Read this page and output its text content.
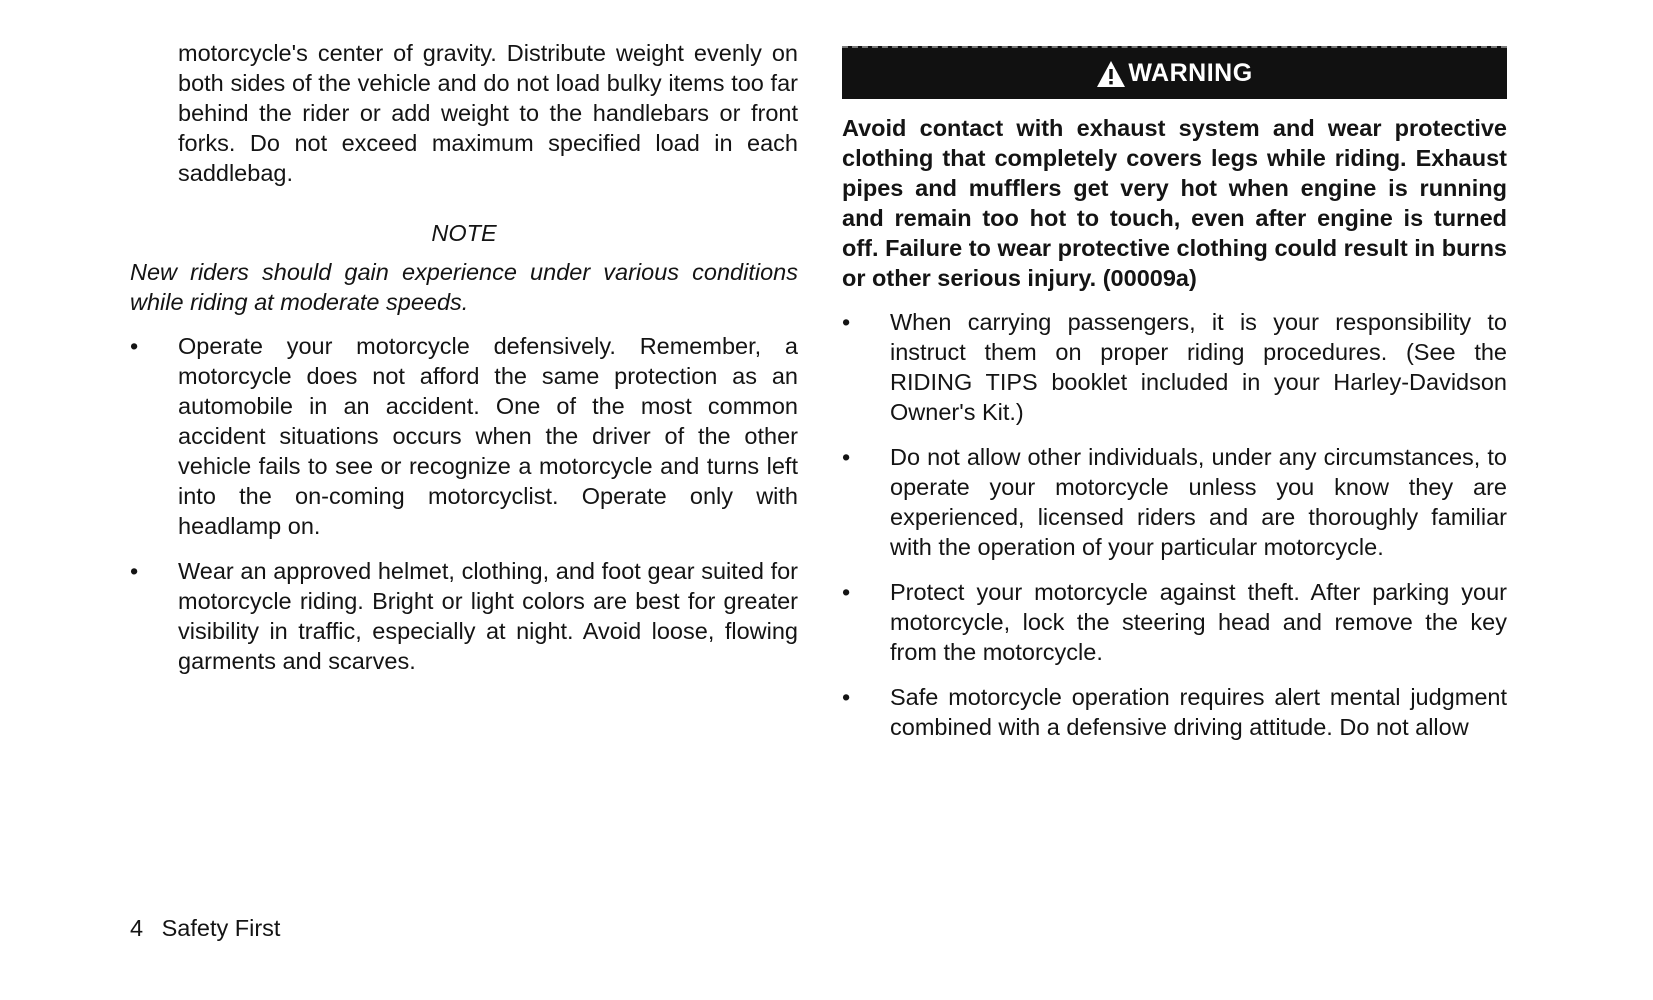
motorcycle's center of gravity. Distribute weight evenly on both sides of the vehicle and do not load bulky items too far behind the rider or add weight to the handlebars or front forks. Do not exceed maximum specified load in each saddlebag.

NOTE

New riders should gain experience under various conditions while riding at moderate speeds.

•	Operate your motorcycle defensively. Remember, a motorcycle does not afford the same protection as an automobile in an accident. One of the most common accident situations occurs when the driver of the other vehicle fails to see or recognize a motorcycle and turns left into the on-coming motorcyclist. Operate only with headlamp on.

•	Wear an approved helmet, clothing, and foot gear suited for motorcycle riding. Bright or light colors are best for greater visibility in traffic, especially at night. Avoid loose, flowing garments and scarves.

WARNING

Avoid contact with exhaust system and wear protective clothing that completely covers legs while riding. Exhaust pipes and mufflers get very hot when engine is running and remain too hot to touch, even after engine is turned off. Failure to wear protective clothing could result in burns or other serious injury. (00009a)

•	When carrying passengers, it is your responsibility to instruct them on proper riding procedures. (See the RIDING TIPS booklet included in your Harley-Davidson Owner's Kit.)

•	Do not allow other individuals, under any circumstances, to operate your motorcycle unless you know they are experienced, licensed riders and are thoroughly familiar with the operation of your particular motorcycle.

•	Protect your motorcycle against theft. After parking your motorcycle, lock the steering head and remove the key from the motorcycle.

•	Safe motorcycle operation requires alert mental judgment combined with a defensive driving attitude. Do not allow

4 Safety First
